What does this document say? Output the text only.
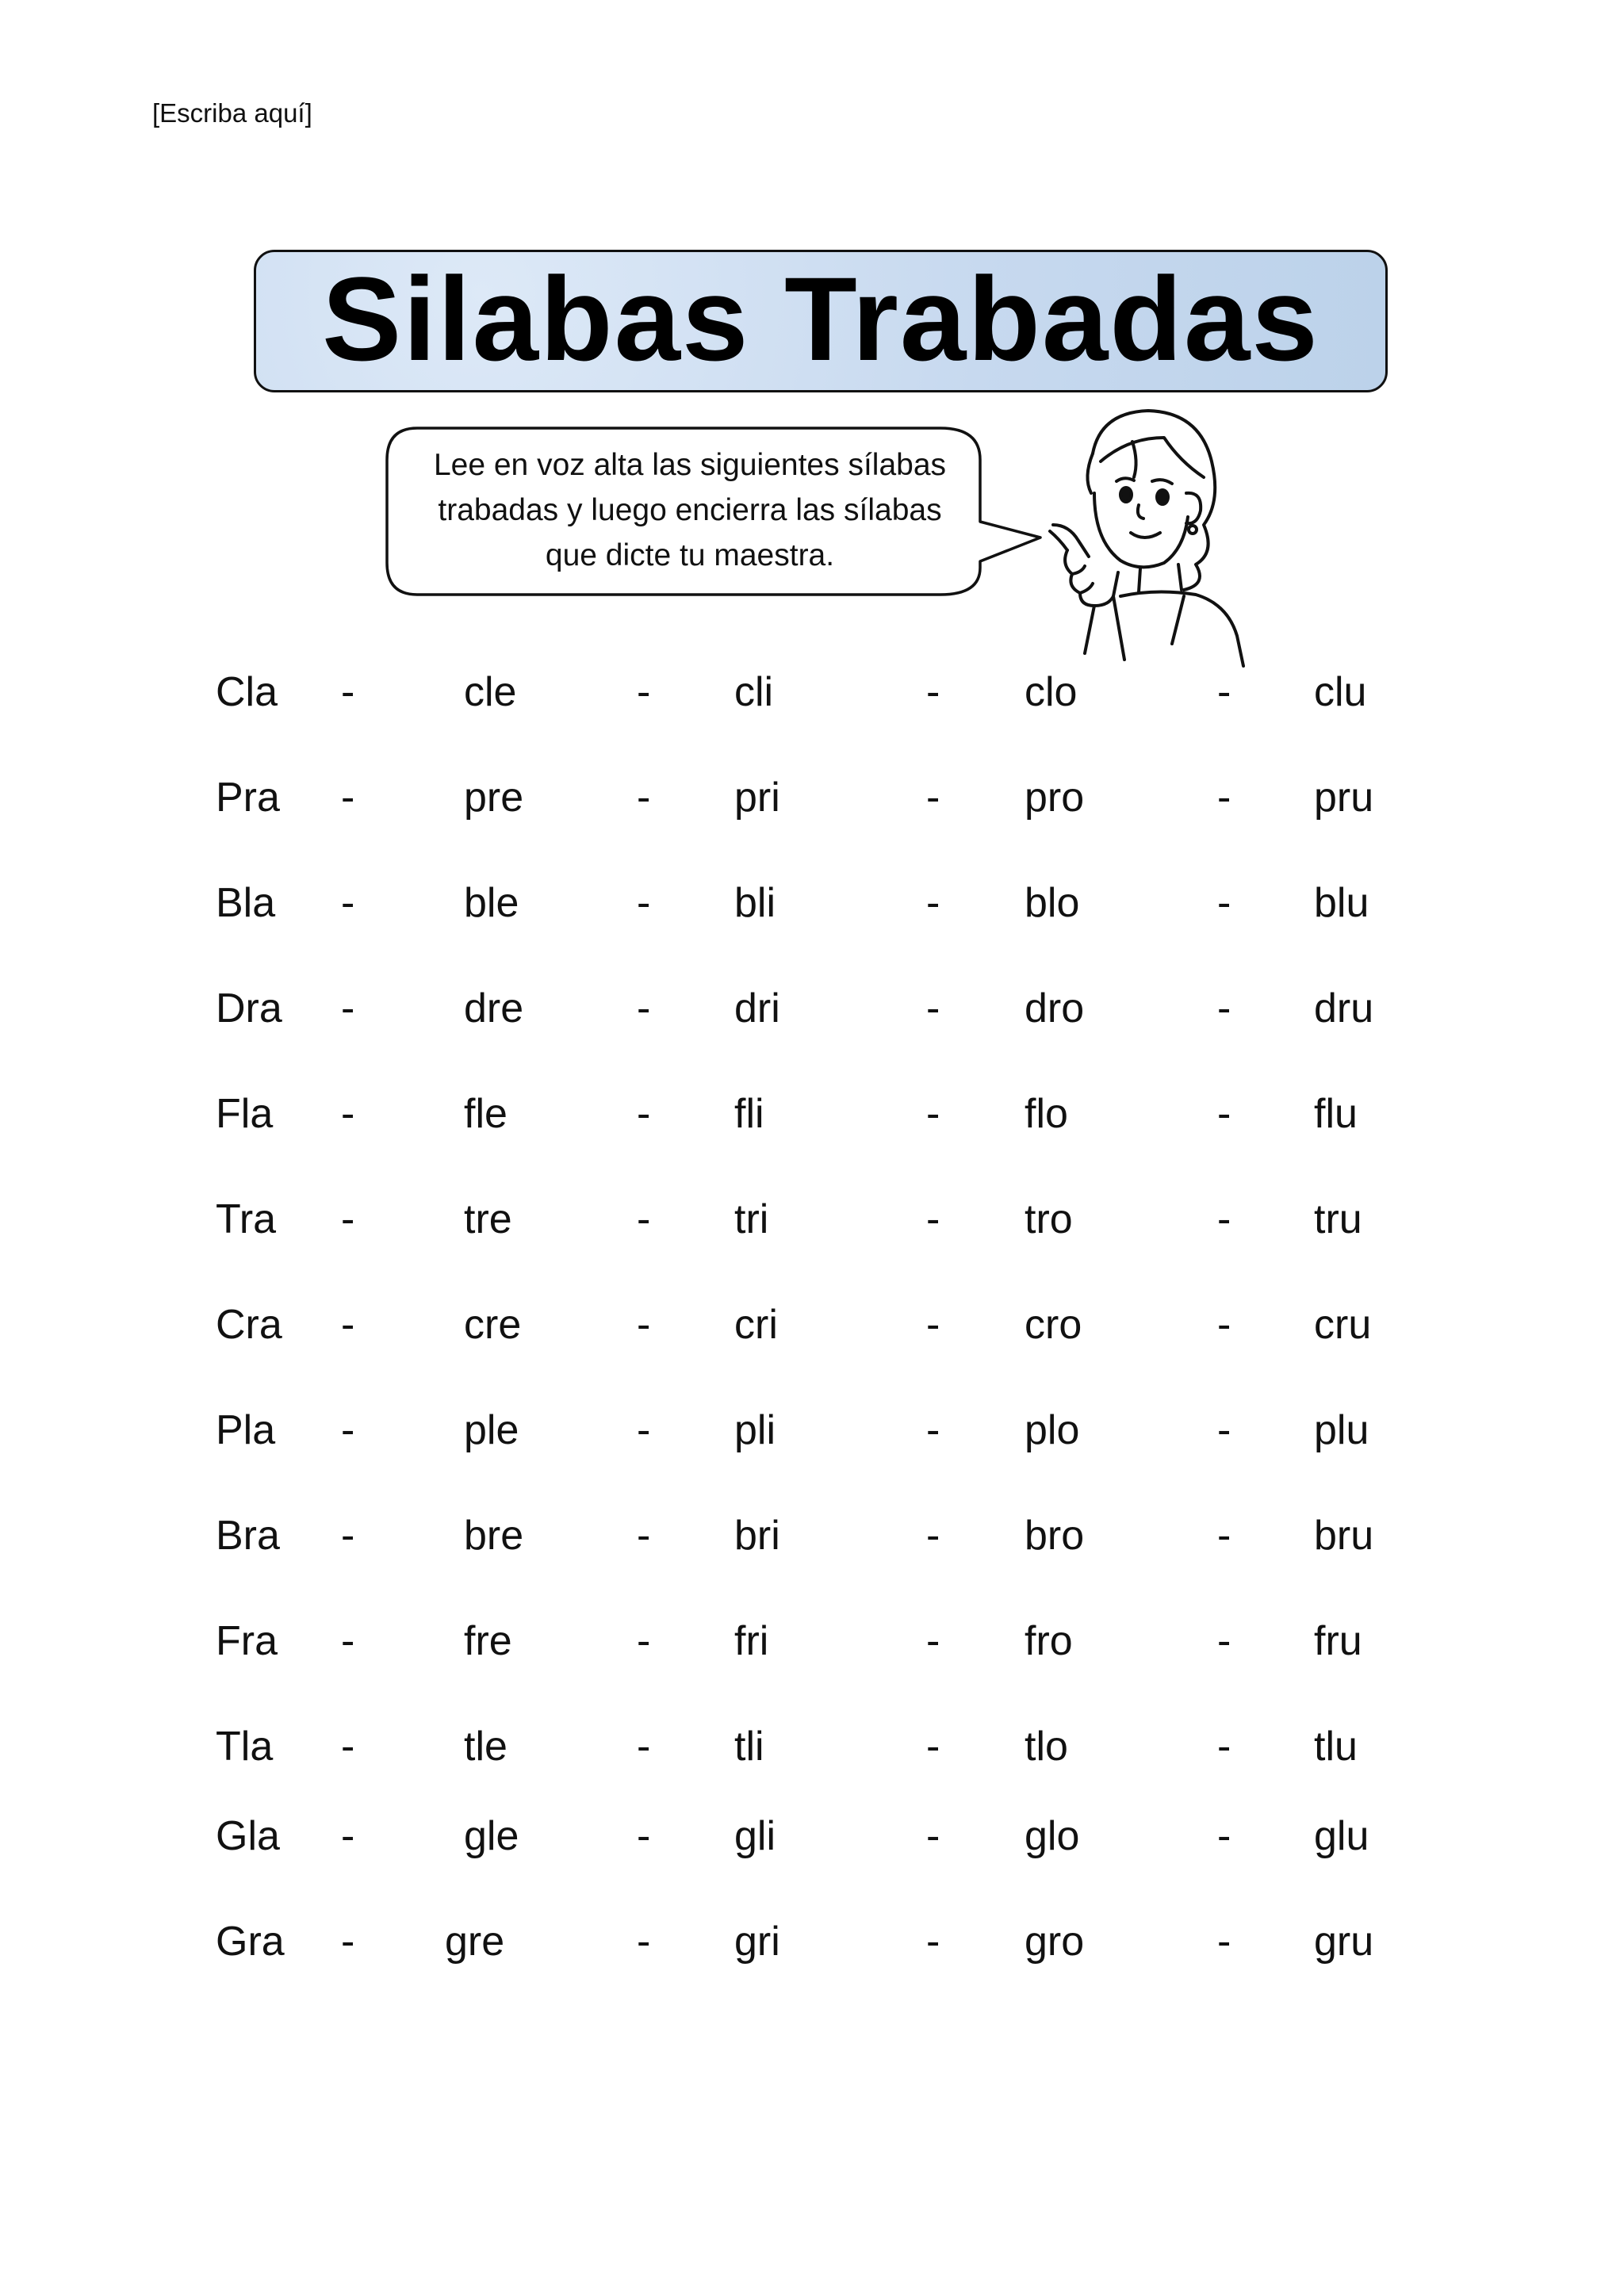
[Escriba aquí]
Silabas Trabadas
Lee en voz alta las siguientes sílabas
trabadas y luego encierra las sílabas
que dicte tu maestra.
Cla -	cle	- cli	- clo	- clu
Pra -	pre	- pri	- pro	- pru
Bla -	ble	- bli	- blo	- blu
Dra -	dre	- dri	- dro	- dru
Fla -	fle	- fli	- flo	- flu
Tra -	tre	- tri	- tro	- tru
Cra -	cre	- cri	- cro	- cru
Pla -	ple	- pli	- plo	- plu
Bra -	bre	- bri	- bro	- bru
Fra -	fre	- fri	- fro	- fru
Tla -	tle	- tli	- tlo	- tlu
Gla -	gle	- gli	- glo	- glu
Gra - gre	- gri	- gro	- gru
